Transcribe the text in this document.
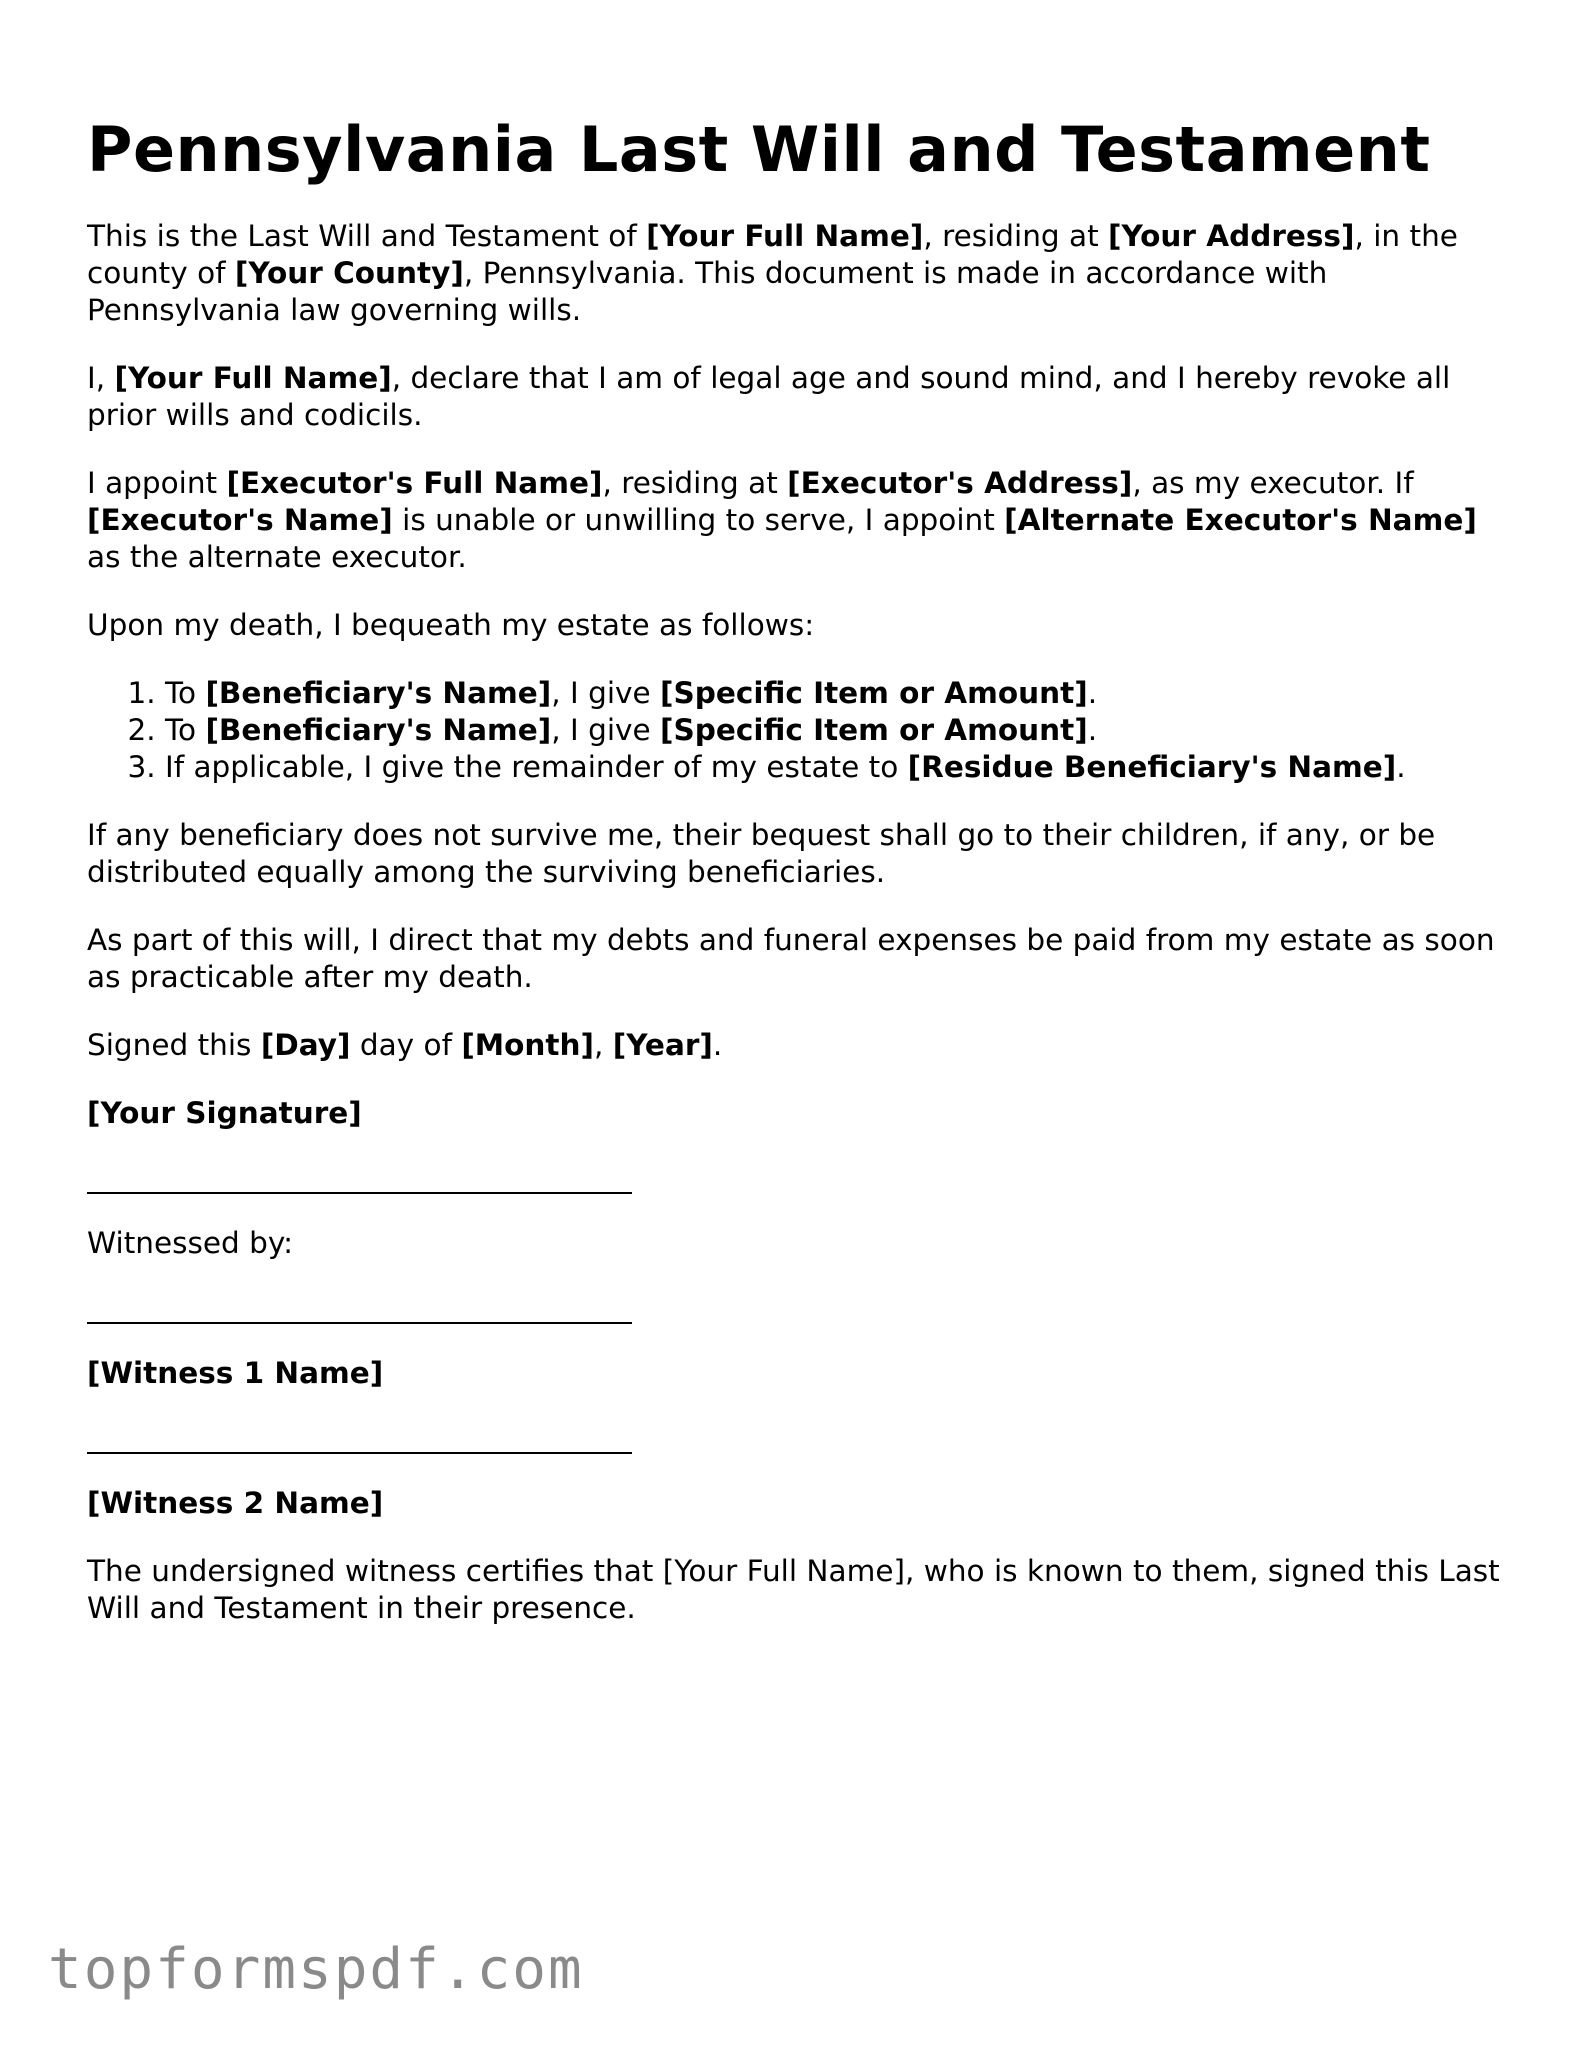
Pennsylvania Last Will and Testament

This is the Last Will and Testament of [Your Full Name], residing at [Your Address], in the county of [Your County], Pennsylvania. This document is made in accordance with Pennsylvania law governing wills.

I, [Your Full Name], declare that I am of legal age and sound mind, and I hereby revoke all prior wills and codicils.

I appoint [Executor's Full Name], residing at [Executor's Address], as my executor. If [Executor's Name] is unable or unwilling to serve, I appoint [Alternate Executor's Name] as the alternate executor.

Upon my death, I bequeath my estate as follows:

1. To [Beneficiary's Name], I give [Specific Item or Amount].
2. To [Beneficiary's Name], I give [Specific Item or Amount].
3. If applicable, I give the remainder of my estate to [Residue Beneficiary's Name].

If any beneficiary does not survive me, their bequest shall go to their children, if any, or be distributed equally among the surviving beneficiaries.

As part of this will, I direct that my debts and funeral expenses be paid from my estate as soon as practicable after my death.

Signed this [Day] day of [Month], [Year].

[Your Signature]

Witnessed by:

[Witness 1 Name]
[Witness 2 Name]

The undersigned witness certifies that [Your Full Name], who is known to them, signed this Last Will and Testament in their presence.

topformspdf.com
